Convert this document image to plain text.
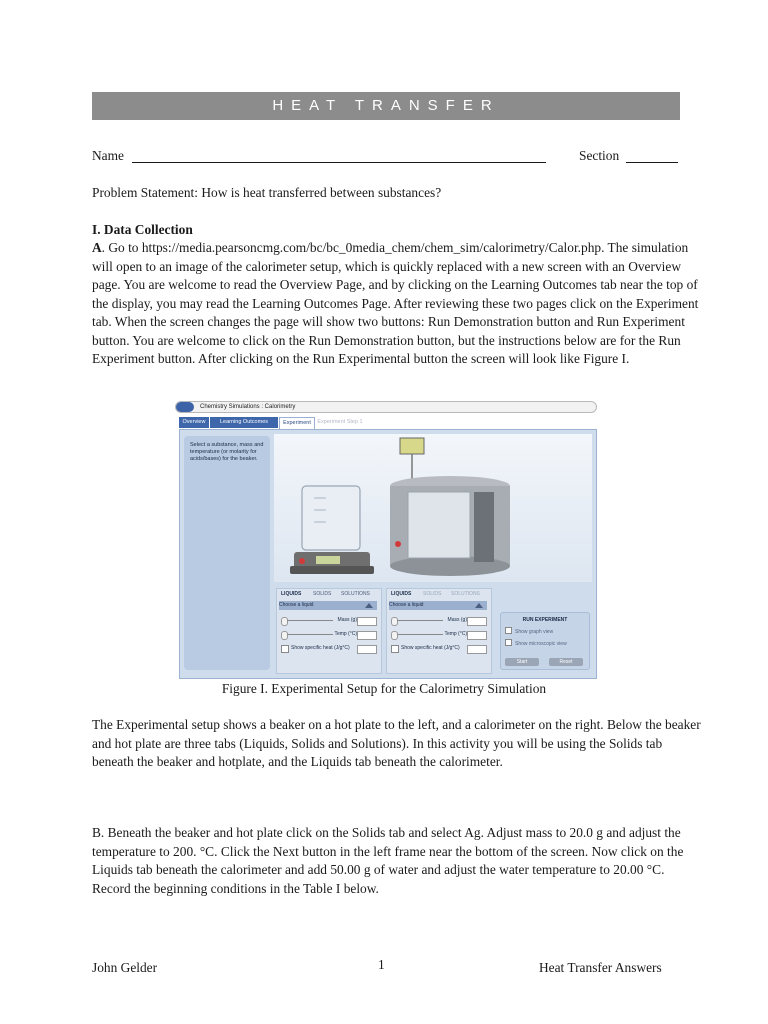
HEAT TRANSFER
Name	Section
Problem Statement: How is heat transferred between substances?
I. Data Collection
A. Go to https://media.pearsoncmg.com/bc/bc_0media_chem/chem_sim/calorimetry/Calor.php. The simulation will open to an image of the calorimeter setup, which is quickly replaced with a new screen with an Overview page. You are welcome to read the Overview Page, and by clicking on the Learning Outcomes tab near the top of the display, you may read the Learning Outcomes Page. After reviewing these two pages click on the Experiment tab. When the screen changes the page will show two buttons: Run Demonstration button and Run Experiment button. You are welcome to click on the Run Demonstration button, but the instructions below are for the Run Experiment button. After clicking on the Run Experimental button the screen will look like Figure I.
Chemistry Simulations : Calorimetry
Overview	Learning Outcomes	Experiment	Experiment Step 1
Select a substance, mass and temperature (or molarity for acids/bases) for the beaker.
LIQUIDS SOLIDS SOLUTIONS
Choose a liquid
Mass (g)
Temp (°C)
Show specific heat (J/g°C)
LIQUIDS SOLIDS SOLUTIONS
Choose a liquid
Mass (g)
Temp (°C)
Show specific heat (J/g°C)
RUN EXPERIMENT
Show graph view
Show microscopic view
Start	Reset
Figure I. Experimental Setup for the Calorimetry Simulation
The Experimental setup shows a beaker on a hot plate to the left, and a calorimeter on the right. Below the beaker and hot plate are three tabs (Liquids, Solids and Solutions). In this activity you will be using the Solids tab beneath the beaker and hotplate, and the Liquids tab beneath the calorimeter.
B. Beneath the beaker and hot plate click on the Solids tab and select Ag. Adjust mass to 20.0 g and adjust the temperature to 200. °C. Click the Next button in the left frame near the bottom of the screen. Now click on the Liquids tab beneath the calorimeter and add 50.00 g of water and adjust the water temperature to 20.00 °C. Record the beginning conditions in the Table I below.
John Gelder	1	Heat Transfer Answers
